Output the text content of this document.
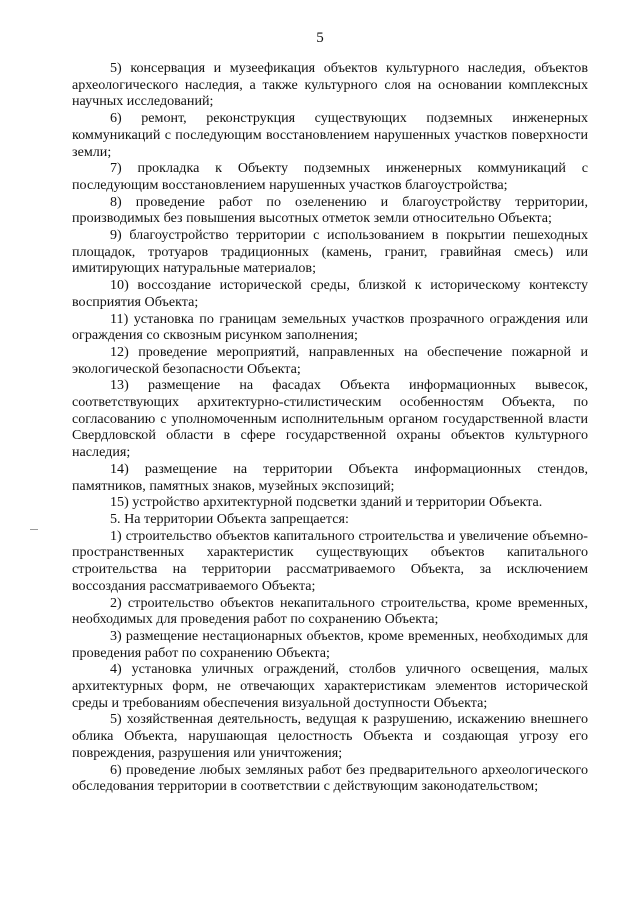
5

5) консервация и музеефикация объектов культурного наследия, объектов археологического наследия, а также культурного слоя на основании комплексных научных исследований;

6) ремонт, реконструкция существующих подземных инженерных коммуникаций с последующим восстановлением нарушенных участков поверхности земли;

7) прокладка к Объекту подземных инженерных коммуникаций с последующим восстановлением нарушенных участков благоустройства;

8) проведение работ по озеленению и благоустройству территории, производимых без повышения высотных отметок земли относительно Объекта;

9) благоустройство территории с использованием в покрытии пешеходных площадок, тротуаров традиционных (камень, гранит, гравийная смесь) или имитирующих натуральные материалов;

10) воссоздание исторической среды, близкой к историческому контексту восприятия Объекта;

11) установка по границам земельных участков прозрачного ограждения или ограждения со сквозным рисунком заполнения;

12) проведение мероприятий, направленных на обеспечение пожарной и экологической безопасности Объекта;

13) размещение на фасадах Объекта информационных вывесок, соответствующих архитектурно-стилистическим особенностям Объекта, по согласованию с уполномоченным исполнительным органом государственной власти Свердловской области в сфере государственной охраны объектов культурного наследия;

14) размещение на территории Объекта информационных стендов, памятников, памятных знаков, музейных экспозиций;

15) устройство архитектурной подсветки зданий и территории Объекта.

5. На территории Объекта запрещается:

1) строительство объектов капитального строительства и увеличение объемно-пространственных характеристик существующих объектов капитального строительства на территории рассматриваемого Объекта, за исключением воссоздания рассматриваемого Объекта;

2) строительство объектов некапитального строительства, кроме временных, необходимых для проведения работ по сохранению Объекта;

3) размещение нестационарных объектов, кроме временных, необходимых для проведения работ по сохранению Объекта;

4) установка уличных ограждений, столбов уличного освещения, малых архитектурных форм, не отвечающих характеристикам элементов исторической среды и требованиям обеспечения визуальной доступности Объекта;

5) хозяйственная деятельность, ведущая к разрушению, искажению внешнего облика Объекта, нарушающая целостность Объекта и создающая угрозу его повреждения, разрушения или уничтожения;

6) проведение любых земляных работ без предварительного археологического обследования территории в соответствии с действующим законодательством;
